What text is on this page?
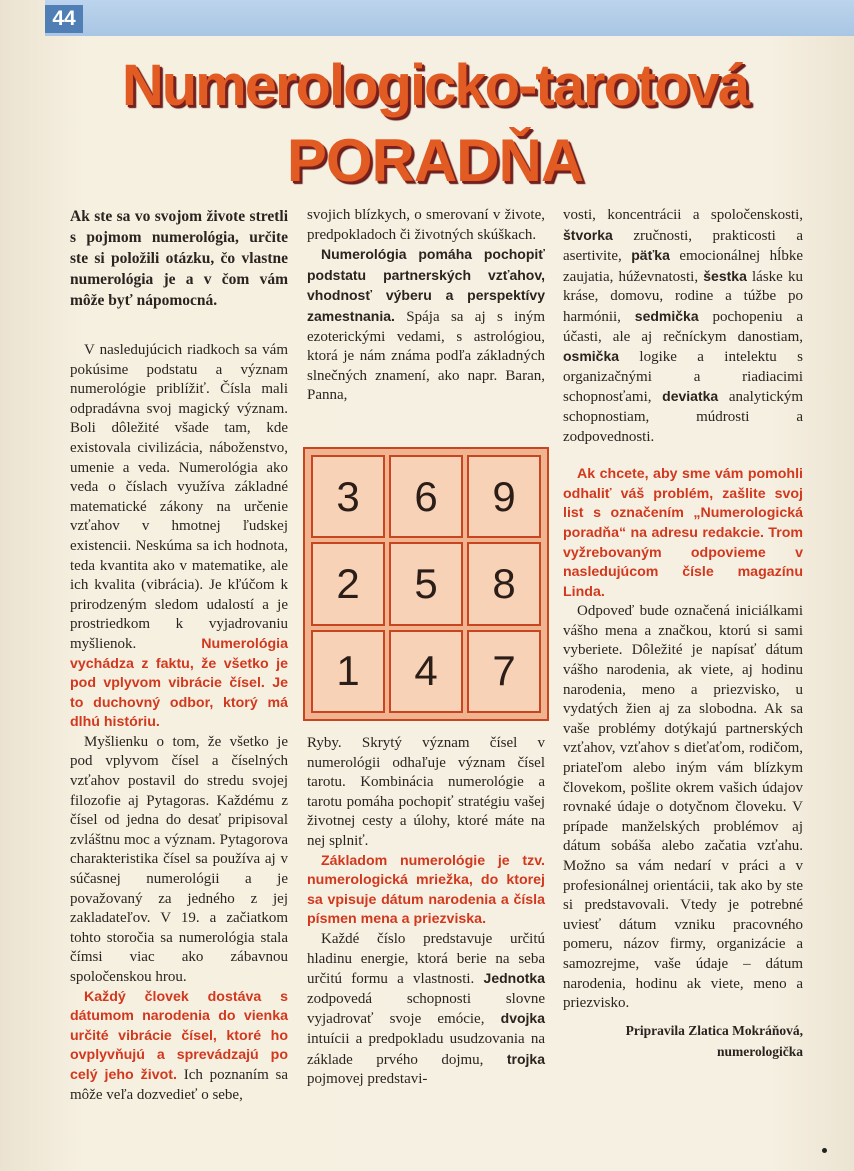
44
Numerologicko-tarotová
PORADŇA

Ak ste sa vo svojom živote stretli s pojmom numerológia, určite ste si položili otázku, čo vlastne numerológia je a v čom vám môže byť nápomocná.

V nasledujúcich riadkoch sa vám pokúsime podstatu a význam numerológie priblížiť. Čísla mali odpradávna svoj magický význam. Boli dôležité všade tam, kde existovala civilizácia, náboženstvo, umenie a veda. Numerológia ako veda o číslach využíva základné matematické zákony na určenie vzťahov v hmotnej ľudskej existencii. Neskúma sa ich hodnota, teda kvantita ako v matematike, ale ich kvalita (vibrácia). Je kľúčom k prirodzeným sledom udalostí a je prostriedkom k vyjadrovaniu myšlienok.	Numerológia vychádza z faktu, že všetko je pod vplyvom vibrácie čísel. Je to duchovný odbor, ktorý má dlhú históriu.

Myšlienku o tom, že všetko je pod vplyvom čísel a číselných vzťahov postavil do stredu svojej filozofie aj Pytagoras. Každému z čísel od jedna do desať pripisoval zvláštnu moc a význam. Pytagorova charakteristika čísel sa používa aj v súčasnej numerológii a je považovaný za jedného z jej zakladateľov. V 19. a začiatkom tohto storočia sa numerológia stala čímsi viac ako zábavnou spoločenskou hrou.

Každý človek dostáva s dátumom narodenia do vienka určité vibrácie čísel, ktoré ho ovplyvňujú a sprevádzajú po celý jeho život. Ich poznaním sa môže veľa dozvedieť o sebe,

svojich blízkych, o smerovaní v živote, predpokladoch či životných skúškach.

Numerológia pomáha pochopiť podstatu partnerských vzťahov, vhodnosť výberu a perspektívy zamestnania. Spája sa aj s iným ezoterickými vedami, s astrológiou, ktorá je nám známa podľa základných slnečných znamení, ako napr. Baran, Panna,

3	6	9
2	5	8
1	4	7

Ryby. Skrytý význam čísel v numerológii odhaľuje význam čísel tarotu. Kombinácia numerológie a tarotu pomáha pochopiť stratégiu vašej životnej cesty a úlohy, ktoré máte na nej splniť.

Základom numerológie je tzv. numerologická mriežka, do ktorej sa vpisuje dátum narodenia a čísla písmen mena a priezviska.

Každé číslo predstavuje určitú hladinu energie, ktorá berie na seba určitú formu a vlastnosti. Jednotka zodpovedá schopnosti slovne vyjadrovať svoje emócie, dvojka intuícii a predpokladu usudzovania na základe prvého dojmu, trojka pojmovej predstavi-

vosti, koncentrácii a spoločenskosti, štvorka zručnosti, prakticosti a asertivite, päťka emocionálnej hĺbke zaujatia, húževnatosti, šestka láske ku kráse, domovu, rodine a túžbe po harmónii, sedmička pochopeniu a účasti, ale aj rečníckym danostiam, osmička logike a intelektu s organizačnými a riadiacimi schopnosťami, deviatka analytickým schopnostiam, múdrosti a zodpovednosti.

Ak chcete, aby sme vám pomohli odhaliť váš problém, zašlite svoj list s označením „Numerologická poradňa“ na adresu redakcie. Trom vyžrebovaným odpovieme v nasledujúcom čísle magazínu Linda.

Odpoveď bude označená iniciálkami vášho mena a značkou, ktorú si sami vyberiete. Dôležité je napísať dátum vášho narodenia, ak viete, aj hodinu narodenia, meno a priezvisko, u vydatých žien aj za slobodna. Ak sa vaše problémy dotýkajú partnerských vzťahov, vzťahov s dieťaťom, rodičom, priateľom alebo iným vám blízkym človekom, pošlite okrem vašich údajov rovnaké údaje o dotyčnom človeku. V prípade manželských problémov aj dátum sobáša alebo začatia vzťahu. Možno sa vám nedarí v práci a v profesionálnej orientácii, tak ako by ste si predstavovali. Vtedy je potrebné uviesť dátum vzniku pracovného pomeru, názov firmy, organizácie a samozrejme, vaše údaje – dátum narodenia, hodinu ak viete, meno a priezvisko.

Pripravila Zlatica Mokráňová,
numerologička
